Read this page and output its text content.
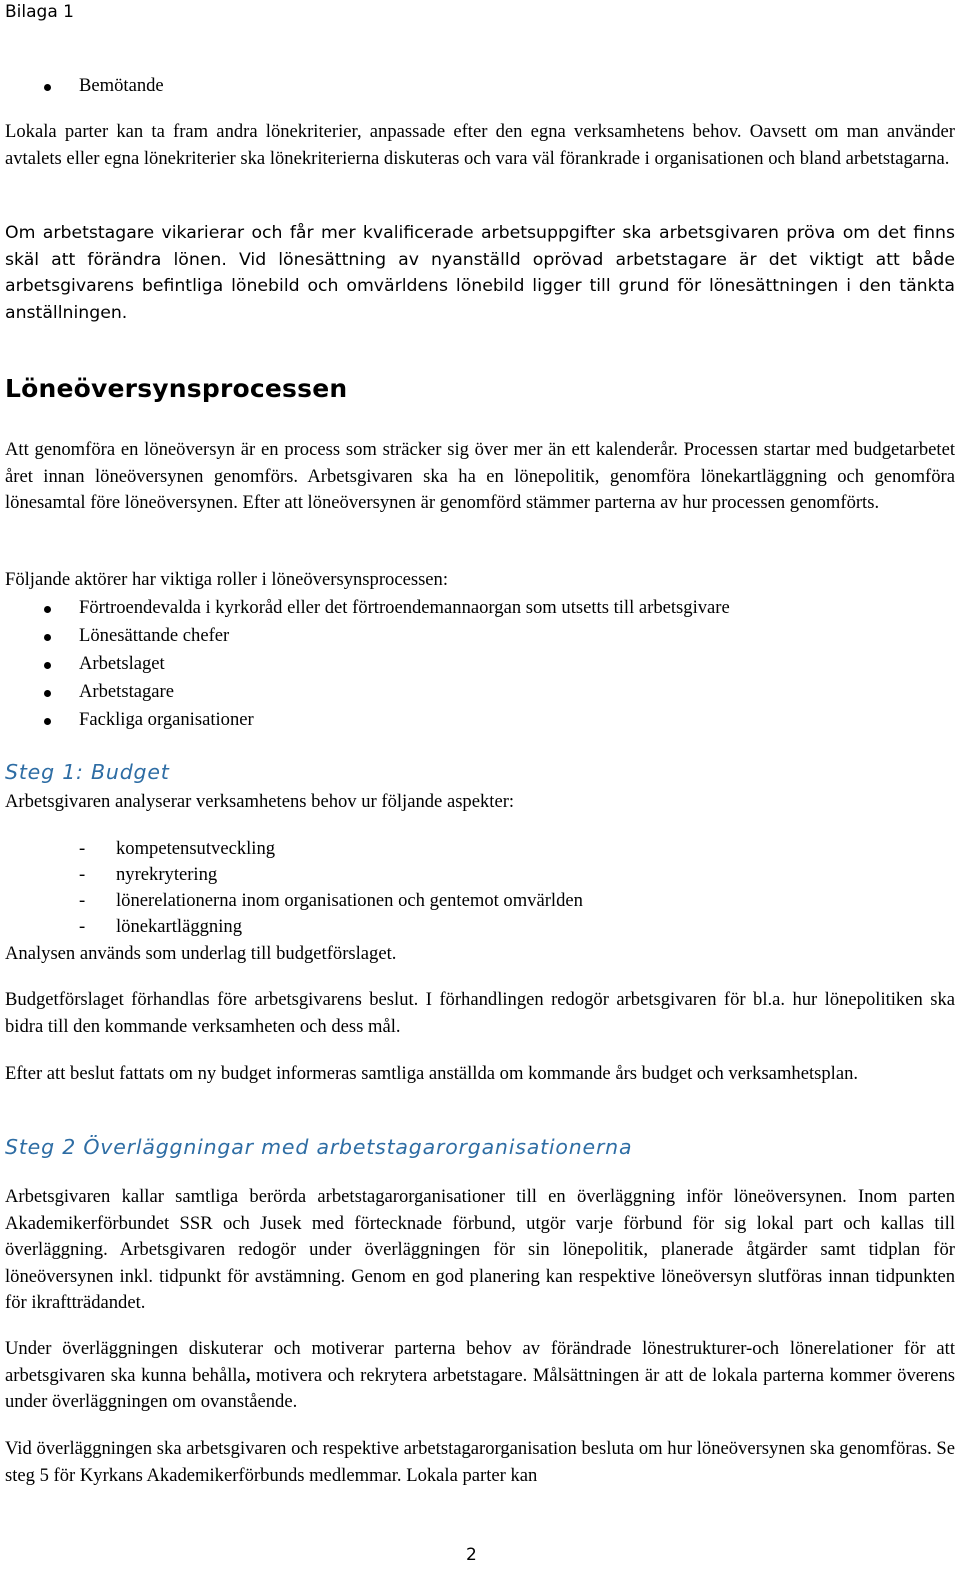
Bilaga 1
Bemötande

Lokala parter kan ta fram andra lönekriterier, anpassade efter den egna verksamhetens behov. Oavsett om man använder avtalets eller egna lönekriterier ska lönekriterierna diskuteras och vara väl förankrade i organisationen och bland arbetstagarna.

Om arbetstagare vikarierar och får mer kvalificerade arbetsuppgifter ska arbetsgivaren pröva om det finns skäl att förändra lönen. Vid lönesättning av nyanställd oprövad arbetstagare är det viktigt att både arbetsgivarens befintliga lönebild och omvärldens lönebild ligger till grund för lönesättningen i den tänkta anställningen.

Löneöversynsprocessen

Att genomföra en löneöversyn är en process som sträcker sig över mer än ett kalenderår. Processen startar med budgetarbetet året innan löneöversynen genomförs. Arbetsgivaren ska ha en lönepolitik, genomföra lönekartläggning och genomföra lönesamtal före löneöversynen. Efter att löneöversynen är genomförd stämmer parterna av hur processen genomförts.

Följande aktörer har viktiga roller i löneöversynsprocessen:

Förtroendevalda i kyrkoråd eller det förtroendemannaorgan som utsetts till arbetsgivare
Lönesättande chefer
Arbetslaget
Arbetstagare
Fackliga organisationer
Steg 1: Budget

Arbetsgivaren analyserar verksamhetens behov ur följande aspekter:

- kompetensutveckling
- nyrekrytering
- lönerelationerna inom organisationen och gentemot omvärlden
- lönekartläggning

Analysen används som underlag till budgetförslaget.

Budgetförslaget förhandlas före arbetsgivarens beslut. I förhandlingen redogör arbetsgivaren för bl.a. hur lönepolitiken ska bidra till den kommande verksamheten och dess mål.

Efter att beslut fattats om ny budget informeras samtliga anställda om kommande års budget och verksamhetsplan.

Steg 2 Överläggningar med arbetstagarorganisationerna

Arbetsgivaren kallar samtliga berörda arbetstagarorganisationer till en överläggning inför löneöversynen. Inom parten Akademikerförbundet SSR och Jusek med förtecknade förbund, utgör varje förbund för sig lokal part och kallas till överläggning. Arbetsgivaren redogör under överläggningen för sin lönepolitik, planerade åtgärder samt tidplan för löneöversynen inkl. tidpunkt för avstämning. Genom en god planering kan respektive löneöversyn slutföras innan tidpunkten för ikraftträdandet.

Under överläggningen diskuterar och motiverar parterna behov av förändrade lönestrukturer-och lönerelationer för att arbetsgivaren ska kunna behålla, motivera och rekrytera arbetstagare. Målsättningen är att de lokala parterna kommer överens under överläggningen om ovanstående.

Vid överläggningen ska arbetsgivaren och respektive arbetstagarorganisation besluta om hur löneöversynen ska genomföras. Se steg 5 för Kyrkans Akademikerförbunds medlemmar. Lokala parter kan

2
